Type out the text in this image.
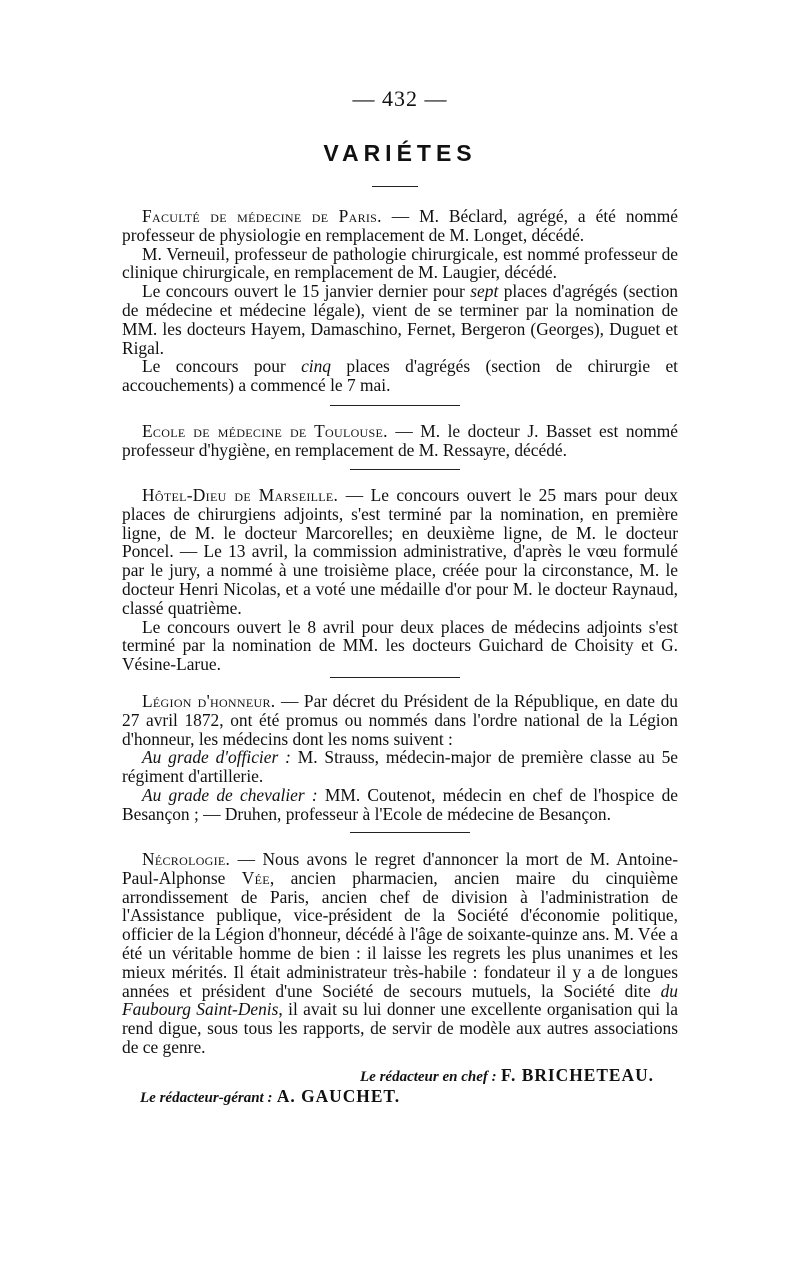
— 432 —
VARIÉTES

Faculté de médecine de Paris. — M. Béclard, agrégé, a été nommé professeur de physiologie en remplacement de M. Longet, décédé.

M. Verneuil, professeur de pathologie chirurgicale, est nommé professeur de clinique chirurgicale, en remplacement de M. Laugier, décédé.

Le concours ouvert le 15 janvier dernier pour sept places d'agrégés (section de médecine et médecine légale), vient de se terminer par la nomination de MM. les docteurs Hayem, Damaschino, Fernet, Bergeron (Georges), Duguet et Rigal.

Le concours pour cinq places d'agrégés (section de chirurgie et accouchements) a commencé le 7 mai.

Ecole de médecine de Toulouse. — M. le docteur J. Basset est nommé professeur d'hygiène, en remplacement de M. Ressayre, décédé.

Hôtel-Dieu de Marseille. — Le concours ouvert le 25 mars pour deux places de chirurgiens adjoints, s'est terminé par la nomination, en première ligne, de M. le docteur Marcorelles; en deuxième ligne, de M. le docteur Poncel. — Le 13 avril, la commission administrative, d'après le vœu formulé par le jury, a nommé à une troisième place, créée pour la circonstance, M. le docteur Henri Nicolas, et a voté une médaille d'or pour M. le docteur Raynaud, classé quatrième.

Le concours ouvert le 8 avril pour deux places de médecins adjoints s'est terminé par la nomination de MM. les docteurs Guichard de Choisity et G. Vésine-Larue.

Légion d'honneur. — Par décret du Président de la République, en date du 27 avril 1872, ont été promus ou nommés dans l'ordre national de la Légion d'honneur, les médecins dont les noms suivent :

Au grade d'officier : M. Strauss, médecin-major de première classe au 5e régiment d'artillerie.

Au grade de chevalier : MM. Coutenot, médecin en chef de l'hospice de Besançon ; — Druhen, professeur à l'Ecole de médecine de Besançon.

Nécrologie. — Nous avons le regret d'annoncer la mort de M. Antoine-Paul-Alphonse Vée, ancien pharmacien, ancien maire du cinquième arrondissement de Paris, ancien chef de division à l'administration de l'Assistance publique, vice-président de la Société d'économie politique, officier de la Légion d'honneur, décédé à l'âge de soixante-quinze ans. M. Vée a été un véritable homme de bien : il laisse les regrets les plus unanimes et les mieux mérités. Il était administrateur très-habile : fondateur il y a de longues années et président d'une Société de secours mutuels, la Société dite du Faubourg Saint-Denis, il avait su lui donner une excellente organisation qui la rend digue, sous tous les rapports, de servir de modèle aux autres associations de ce genre.

Le rédacteur en chef : F. BRICHETEAU.
Le rédacteur-gérant : A. GAUCHET.
